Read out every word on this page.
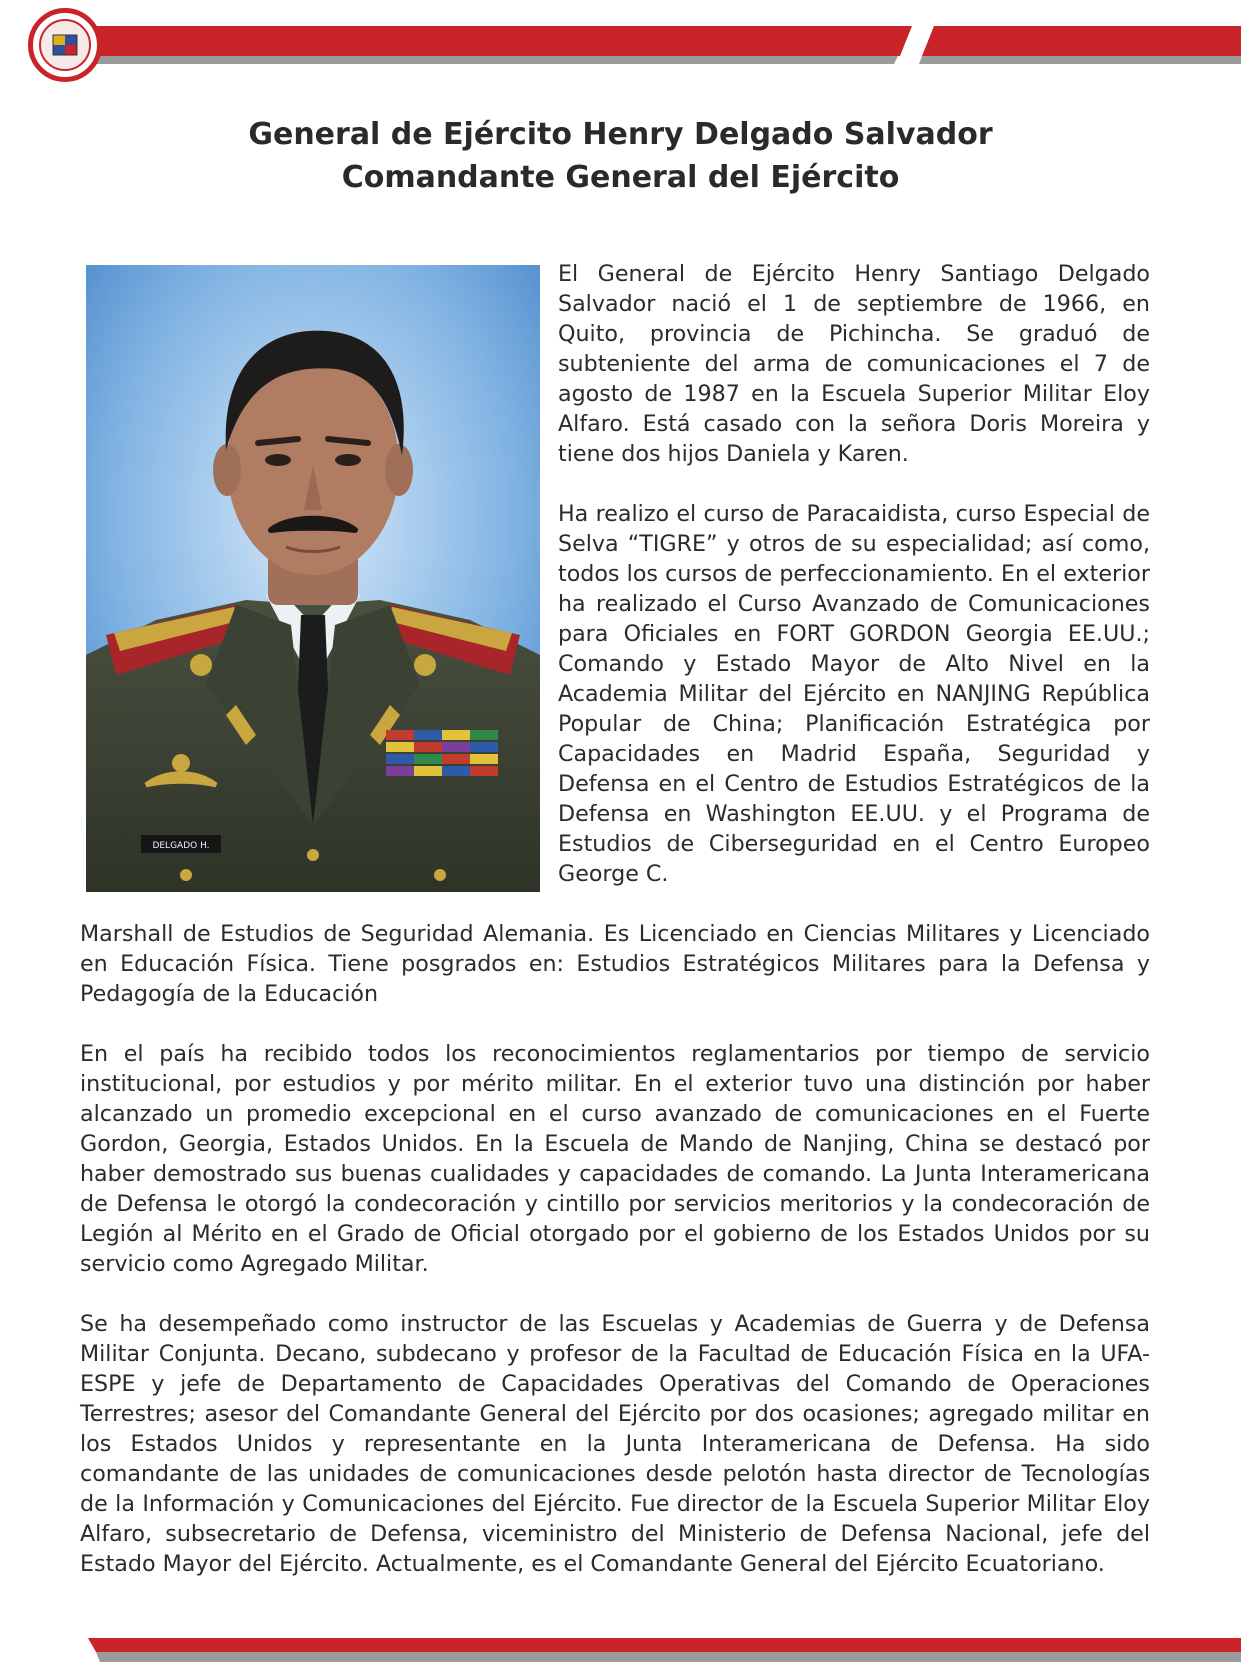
General de Ejército Henry Delgado Salvador
Comandante General del Ejército
DELGADO H.

El General de Ejército Henry Santiago Delgado Salvador nació el 1 de septiembre de 1966, en Quito, provincia de Pichincha. Se graduó de subteniente del arma de comunicaciones el 7 de agosto de 1987 en la Escuela Superior Militar Eloy Alfaro. Está casado con la señora Doris Moreira y tiene dos hijos Daniela y Karen.

Ha realizo el curso de Paracaidista, curso Especial de Selva “TIGRE” y otros de su especialidad; así como, todos los cursos de perfeccionamiento. En el exterior ha realizado el Curso Avanzado de Comunicaciones para Oficiales en FORT GORDON Georgia EE.UU.; Comando y Estado Mayor de Alto Nivel en la Academia Militar del Ejército en NANJING República Popular de China; Planificación Estratégica por Capacidades en Madrid España, Seguridad y Defensa en el Centro de Estudios Estratégicos de la Defensa en Washington EE.UU. y el Programa de Estudios de Ciberseguridad en el Centro Europeo George C.

Marshall de Estudios de Seguridad Alemania. Es Licenciado en Ciencias Militares y Licenciado en Educación Física. Tiene posgrados en: Estudios Estratégicos Militares para la Defensa y Pedagogía de la Educación

En el país ha recibido todos los reconocimientos reglamentarios por tiempo de servicio institucional, por estudios y por mérito militar. En el exterior tuvo una distinción por haber alcanzado un promedio excepcional en el curso avanzado de comunicaciones en el Fuerte Gordon, Georgia, Estados Unidos. En la Escuela de Mando de Nanjing, China se destacó por haber demostrado sus buenas cualidades y capacidades de comando. La Junta Interamericana de Defensa le otorgó la condecoración y cintillo por servicios meritorios y la condecoración de Legión al Mérito en el Grado de Oficial otorgado por el gobierno de los Estados Unidos por su servicio como Agregado Militar.

Se ha desempeñado como instructor de las Escuelas y Academias de Guerra y de Defensa Militar Conjunta. Decano, subdecano y profesor de la Facultad de Educación Física en la UFA-ESPE y jefe de Departamento de Capacidades Operativas del Comando de Operaciones Terrestres; asesor del Comandante General del Ejército por dos ocasiones; agregado militar en los Estados Unidos y representante en la Junta Interamericana de Defensa. Ha sido comandante de las unidades de comunicaciones desde pelotón hasta director de Tecnologías de la Información y Comunicaciones del Ejército. Fue director de la Escuela Superior Militar Eloy Alfaro, subsecretario de Defensa, viceministro del Ministerio de Defensa Nacional, jefe del Estado Mayor del Ejército. Actualmente, es el Comandante General del Ejército Ecuatoriano.
